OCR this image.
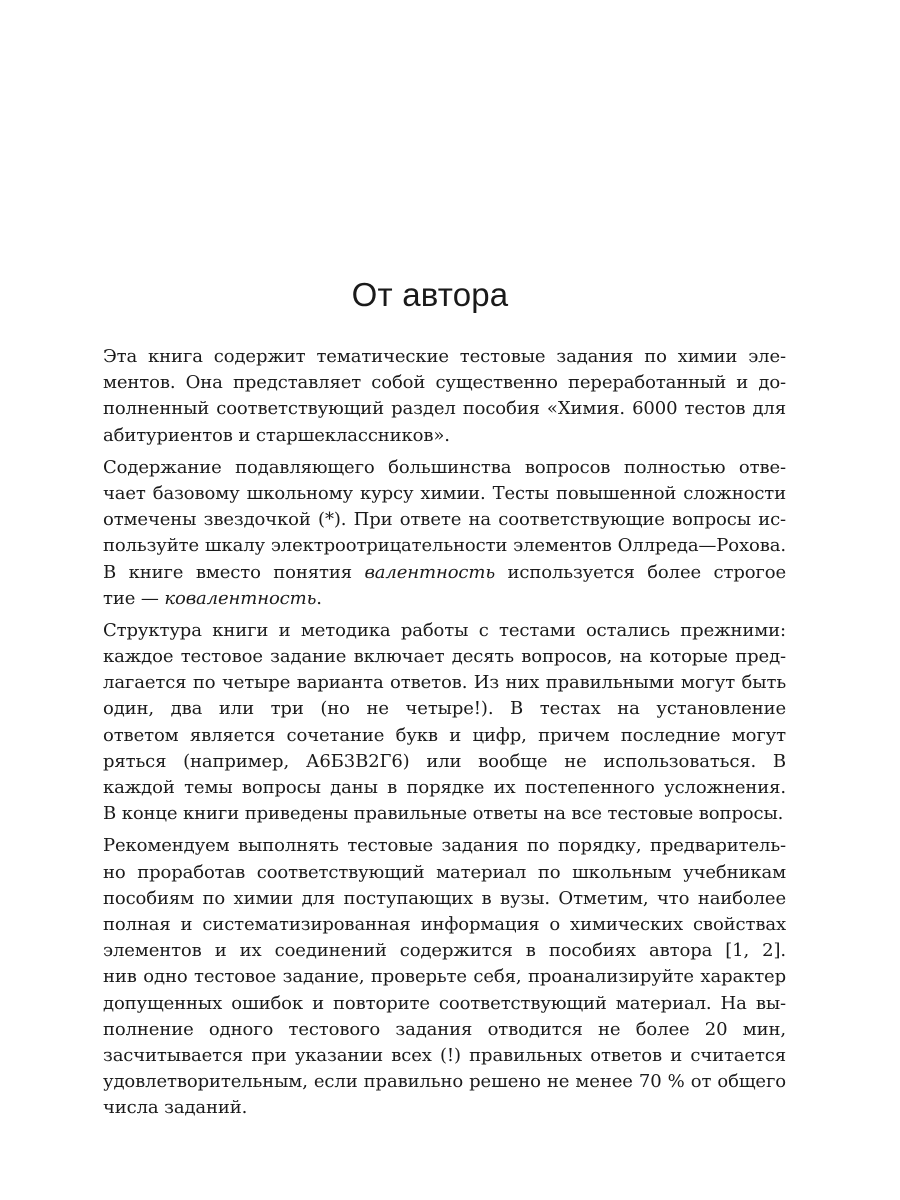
От автора
Эта книга содержит тематические тестовые задания по химии эле-
ментов. Она представляет собой существенно переработанный и до-
полненный соответствующий раздел пособия «Химия. 6000 тестов для
абитуриентов и старшеклассников».
Содержание подавляющего большинства вопросов полностью отве-
чает базовому школьному курсу химии. Тесты повышенной сложности
отмечены звездочкой (*). При ответе на соответствующие вопросы ис-
пользуйте шкалу электроотрицательности элементов Оллреда—Рохова.
В книге вместо понятия валентность используется более строгое
тие — ковалентность.
Структура книги и методика работы с тестами остались прежними:
каждое тестовое задание включает десять вопросов, на которые пред-
лагается по четыре варианта ответов. Из них правильными могут быть
один, два или три (но не четыре!). В тестах на установление
ответом является сочетание букв и цифр, причем последние могут
ряться (например, А6Б3В2Г6) или вообще не использоваться. В
каждой темы вопросы даны в порядке их постепенного усложнения.
В конце книги приведены правильные ответы на все тестовые вопросы.
Рекомендуем выполнять тестовые задания по порядку, предваритель-
но проработав соответствующий материал по школьным учебникам
пособиям по химии для поступающих в вузы. Отметим, что наиболее
полная и систематизированная информация о химических свойствах
элементов и их соединений содержится в пособиях автора [1, 2].
нив одно тестовое задание, проверьте себя, проанализируйте характер
допущенных ошибок и повторите соответствующий материал. На вы-
полнение одного тестового задания отводится не более 20 мин,
засчитывается при указании всех (!) правильных ответов и считается
удовлетворительным, если правильно решено не менее 70 % от общего
числа заданий.
